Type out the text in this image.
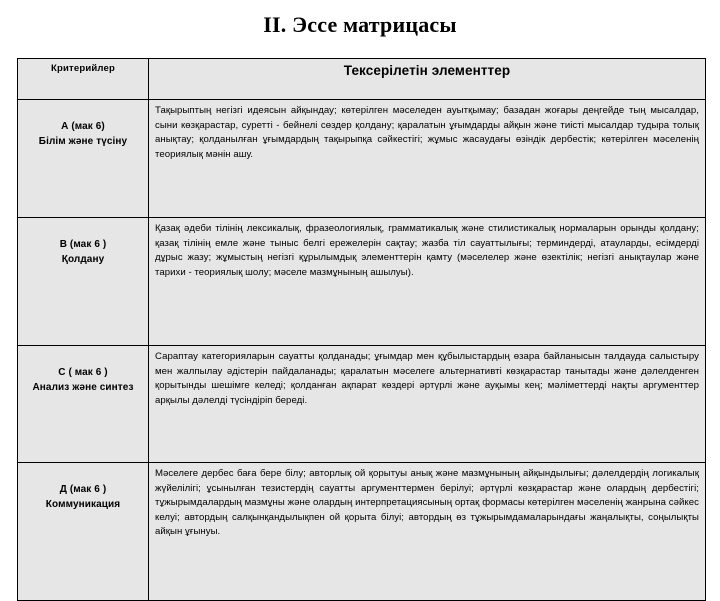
II. Эссе матрицасы
Критерийлер	Тексерілетін элементтер

А (мак 6)
Білім және түсіну	Тақырыптың негізгі идеясын айқындау; көтерілген мәселеден ауытқымау; базадан жоғары деңгейде тың мысалдар, сыни көзқарастар, суретті - бейнелі сөздер қолдану; қаралатын ұғымдарды айқын және тиісті мысалдар тудыра толық анықтау; қолданылған ұғымдардың тақырыпқа сәйкестігі; жұмыс жасаудағы өзіндік дербестік; көтерілген мәселенің теориялық мәнін ашу.

В (мак 6 )
Қолдану	Қазақ әдеби тілінің лексикалық, фразеологиялық, грамматикалық және стилистикалық нормаларын орынды қолдану; қазақ тілінің емле және тыныс белгі ережелерін сақтау; жазба тіл сауаттылығы; терминдерді, атауларды, есімдерді дұрыс жазу; жұмыстың негізгі құрылымдық элементтерін қамту (мәселелер және өзектілік; негізгі анықтаулар және тарихи - теориялық шолу; мәселе мазмұнының ашылуы).

С ( мак 6 )
Анализ және синтез	Сараптау категорияларын сауатты қолданады; ұғымдар мен құбылыстардың өзара байланысын талдауда салыстыру мен жалпылау әдістерін пайдаланады; қаралатын мәселеге альтернативті көзқарастар танытады және дәлелденген қорытынды шешімге келеді; қолданған ақпарат көздері әртүрлі және ауқымы кең; мәліметтерді нақты аргументтер арқылы дәлелді түсіндіріп береді.

Д (мак 6 )
Коммуникация	Мәселеге дербес баға бере білу; авторлық ой қорытуы анық және мазмұнының айқындылығы; дәлелдердің логикалық жүйелілігі; ұсынылған тезистердің сауатты аргументтермен берілуі; әртүрлі көзқарастар және олардың дербестігі; тұжырымдалардың мазмұны және олардың интерпретациясының ортақ формасы көтерілген мәселенің жанрына сәйкес келуі; автордың салқынқандылықпен ой қорыта білуі; автордың өз тұжырымдамаларындағы жаңалықты, соңылықты айқын ұғынуы.
